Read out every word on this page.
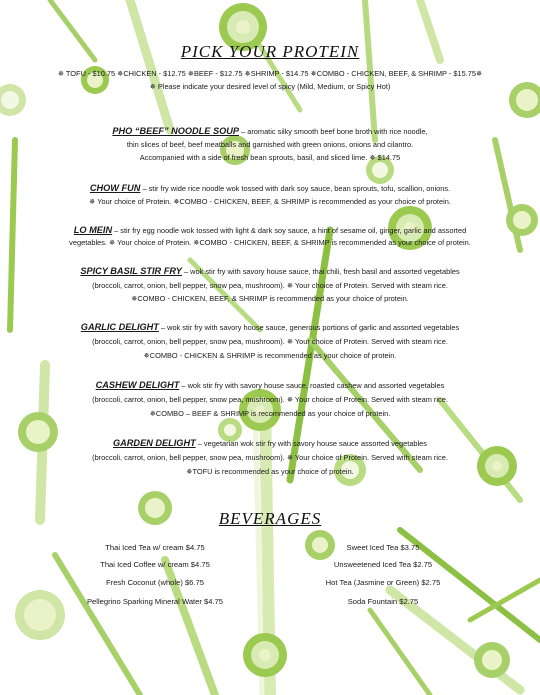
PICK YOUR PROTEIN
✵ TOFU - $10.75 ✵CHICKEN - $12.75 ✵BEEF - $12.75 ✵SHRIMP - $14.75 ✵COMBO - CHICKEN, BEEF, & SHRIMP - $15.75✵
✵ Please indicate your desired level of spicy (Mild, Medium, or Spicy Hot)
PHO “BEEF” NOODLE SOUP – aromatic silky smooth beef bone broth with rice noodle,
thin slices of beef, beef meatballs and garnished with green onions, onions and cilantro.
Accompanied with a side of fresh bean sprouts, basil, and sliced lime. ✵ $14.75
CHOW FUN – stir fry wide rice noodle wok tossed with dark soy sauce, bean sprouts, tofu, scallion, onions.
✵ Your choice of Protein. ✵COMBO - CHICKEN, BEEF, & SHRIMP is recommended as your choice of protein.
LO MEIN – stir fry egg noodle wok tossed with light & dark soy sauce, a hint of sesame oil, ginger, garlic and assorted
vegetables. ✵ Your choice of Protein. ✵COMBO - CHICKEN, BEEF, & SHRIMP is recommended as your choice of protein.
SPICY BASIL STIR FRY – wok stir fry with savory house sauce, thai chili, fresh basil and assorted vegetables
(broccoli, carrot, onion, bell pepper, snow pea, mushroom). ✵ Your choice of Protein. Served with steam rice.
✵COMBO - CHICKEN, BEEF, & SHRIMP is recommended as your choice of protein.
GARLIC DELIGHT – wok stir fry with savory house sauce, generous portions of garlic and assorted vegetables
(broccoli, carrot, onion, bell pepper, snow pea, mushroom). ✵ Your choice of Protein. Served with steam rice.
✵COMBO - CHICKEN & SHRIMP is recommended as your choice of protein.
CASHEW DELIGHT – wok stir fry with savory house sauce, roasted cashew and assorted vegetables
(broccoli, carrot, onion, bell pepper, snow pea, mushroom). ✵ Your choice of Protein. Served with steam rice.
✵COMBO – BEEF & SHRIMP is recommended as your choice of protein.
GARDEN DELIGHT – vegetarian wok stir fry with savory house sauce assorted vegetables
(broccoli, carrot, onion, bell pepper, snow pea, mushroom). ✵ Your choice of Protein. Served with steam rice.
✵TOFU is recommended as your choice of protein.
BEVERAGES
Thai Iced Tea w/ cream $4.75
Thai Iced Coffee w/ cream $4.75
Fresh Coconut (whole) $6.75
Pellegrino Sparking Mineral Water $4.75
Sweet Iced Tea $3.75
Unsweetened Iced Tea $2.75
Hot Tea (Jasmine or Green) $2.75
Soda Fountain $2.75
